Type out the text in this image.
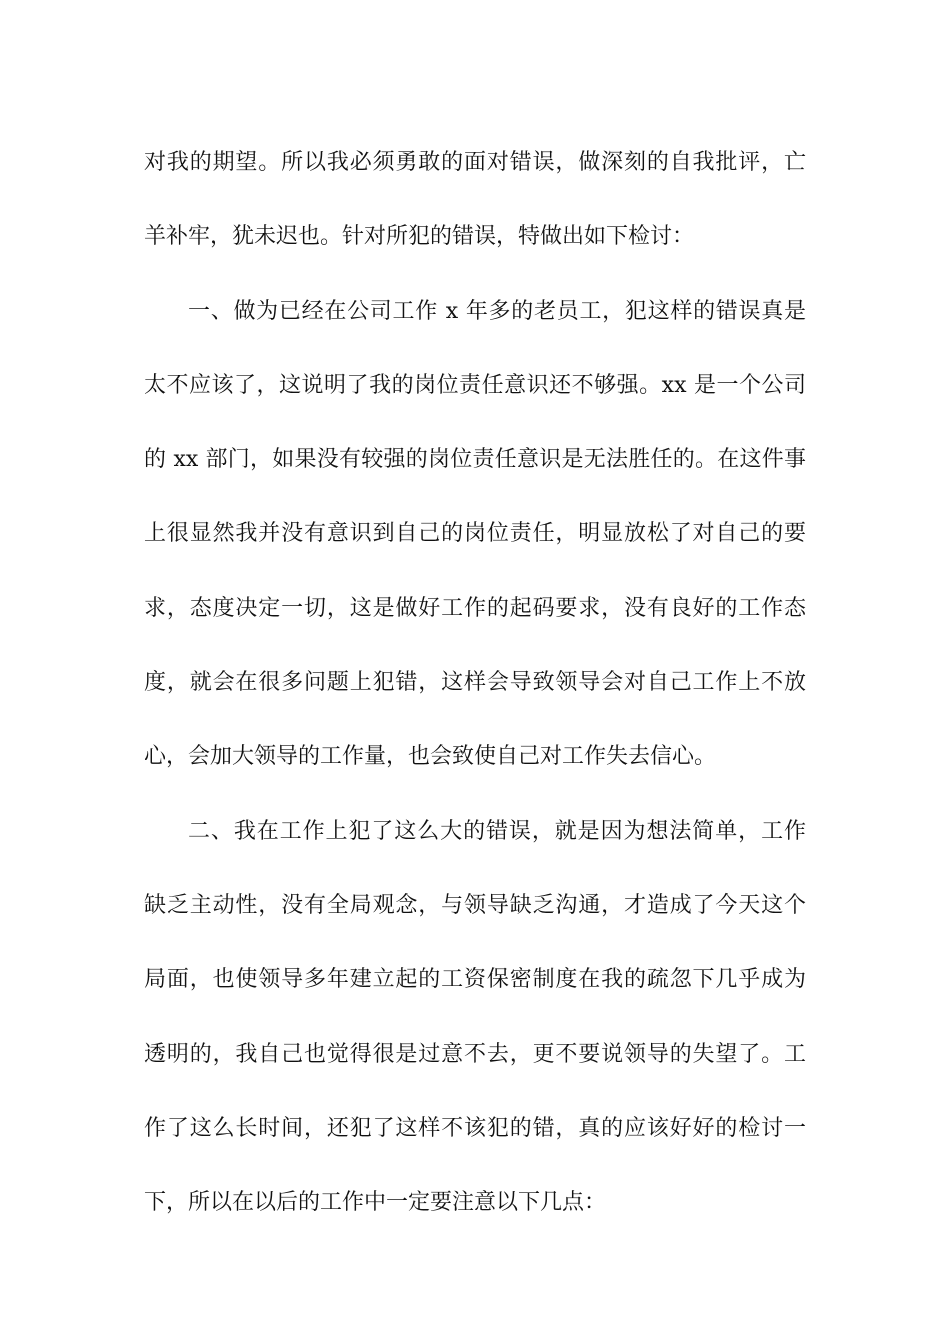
对我的期望。所以我必须勇敢的面对错误，做深刻的自我批评，亡
羊补牢，犹未迟也。针对所犯的错误，特做出如下检讨：
一、做为已经在公司工作 x 年多的老员工，犯这样的错误真是
太不应该了，这说明了我的岗位责任意识还不够强。xx 是一个公司
的 xx 部门，如果没有较强的岗位责任意识是无法胜任的。在这件事
上很显然我并没有意识到自己的岗位责任，明显放松了对自己的要
求，态度决定一切，这是做好工作的起码要求，没有良好的工作态
度，就会在很多问题上犯错，这样会导致领导会对自己工作上不放
心，会加大领导的工作量，也会致使自己对工作失去信心。
二、我在工作上犯了这么大的错误，就是因为想法简单，工作
缺乏主动性，没有全局观念，与领导缺乏沟通，才造成了今天这个
局面，也使领导多年建立起的工资保密制度在我的疏忽下几乎成为
透明的，我自己也觉得很是过意不去，更不要说领导的失望了。工
作了这么长时间，还犯了这样不该犯的错，真的应该好好的检讨一
下，所以在以后的工作中一定要注意以下几点：
